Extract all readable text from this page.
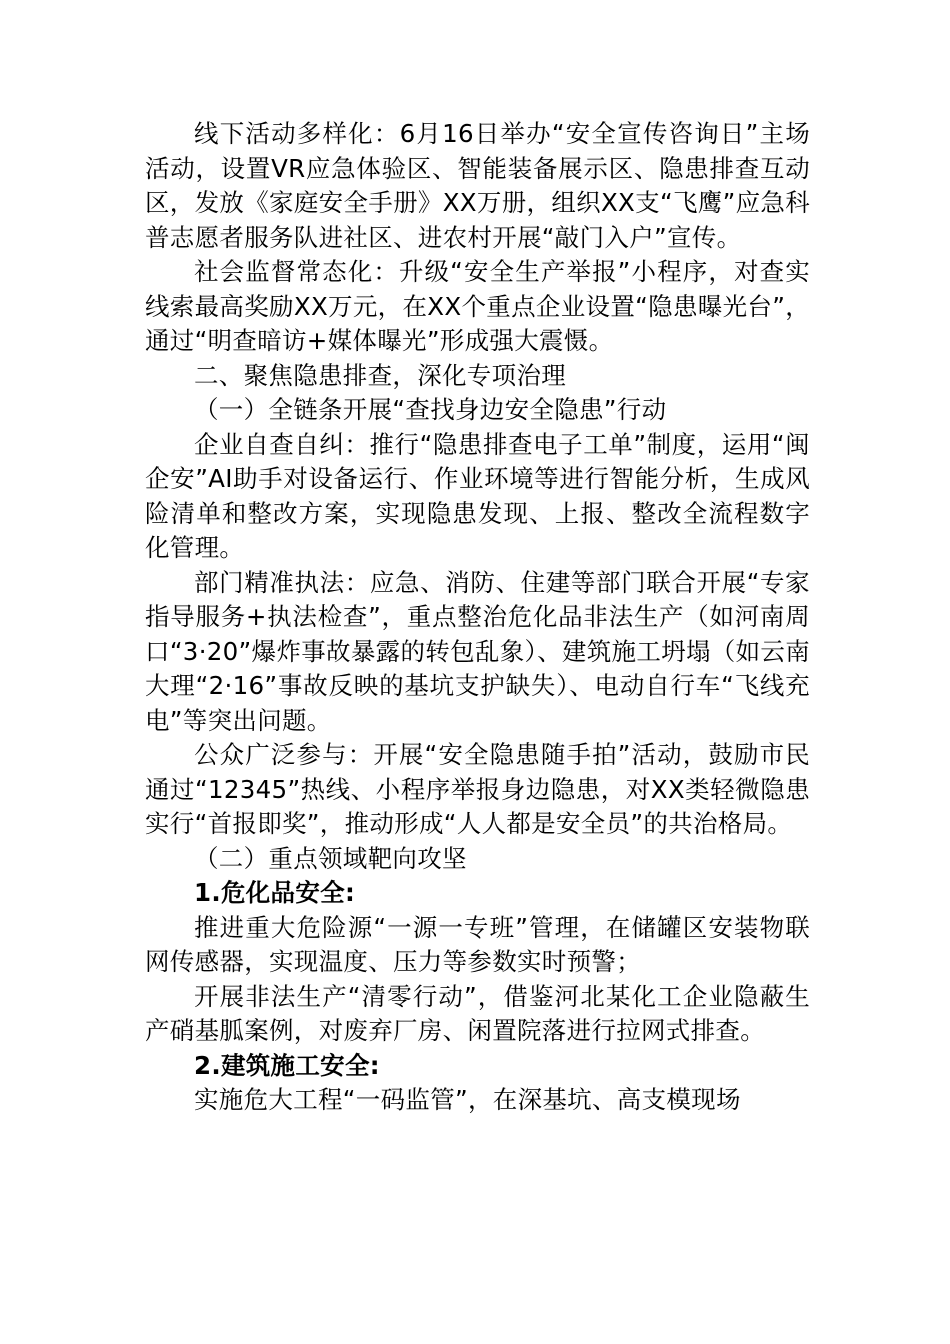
线下活动多样化：6月16日举办“安全宣传咨询日”主场活动，设置VR应急体验区、智能装备展示区、隐患排查互动区，发放《家庭安全手册》XX万册，组织XX支“飞鹰”应急科普志愿者服务队进社区、进农村开展“敲门入户”宣传。

社会监督常态化：升级“安全生产举报”小程序，对查实线索最高奖励XX万元，在XX个重点企业设置“隐患曝光台”，通过“明查暗访+媒体曝光”形成强大震慑。

二、聚焦隐患排查，深化专项治理

（一）全链条开展“查找身边安全隐患”行动

企业自查自纠：推行“隐患排查电子工单”制度，运用“闽企安”AI助手对设备运行、作业环境等进行智能分析，生成风险清单和整改方案，实现隐患发现、上报、整改全流程数字化管理。

部门精准执法：应急、消防、住建等部门联合开展“专家指导服务+执法检查”，重点整治危化品非法生产（如河南周口“3·20”爆炸事故暴露的转包乱象）、建筑施工坍塌（如云南大理“2·16”事故反映的基坑支护缺失）、电动自行车“飞线充电”等突出问题。

公众广泛参与：开展“安全隐患随手拍”活动，鼓励市民通过“12345”热线、小程序举报身边隐患，对XX类轻微隐患实行“首报即奖”，推动形成“人人都是安全员”的共治格局。

（二）重点领域靶向攻坚

1.危化品安全:

推进重大危险源“一源一专班”管理，在储罐区安装物联网传感器，实现温度、压力等参数实时预警；

开展非法生产“清零行动”，借鉴河北某化工企业隐蔽生产硝基胍案例，对废弃厂房、闲置院落进行拉网式排查。

2.建筑施工安全:

实施危大工程“一码监管”，在深基坑、高支模现场
